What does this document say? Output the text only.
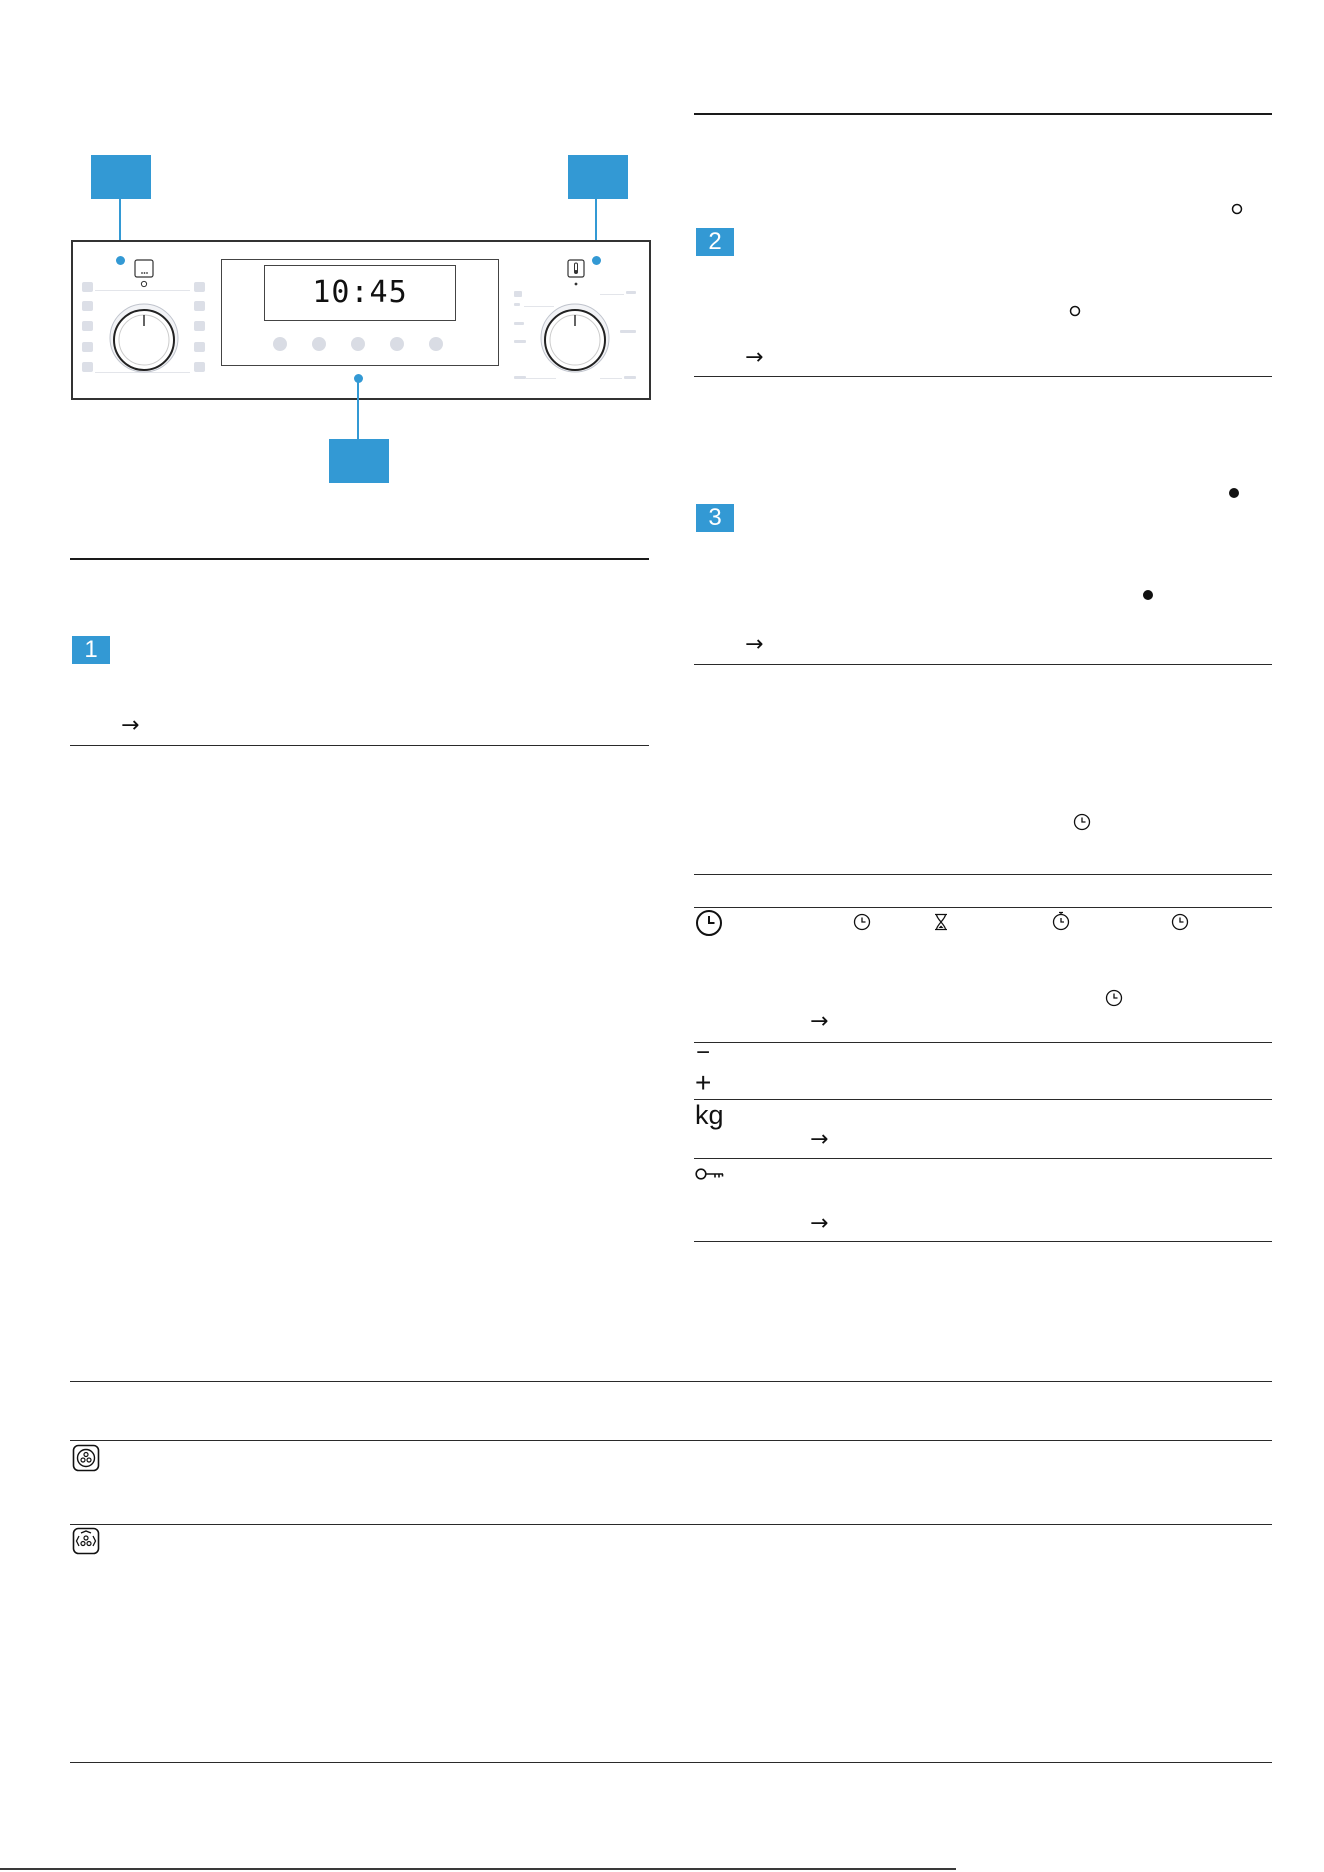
10:45
1
→
2
→
3
→
→
−
+
kg
→
→
